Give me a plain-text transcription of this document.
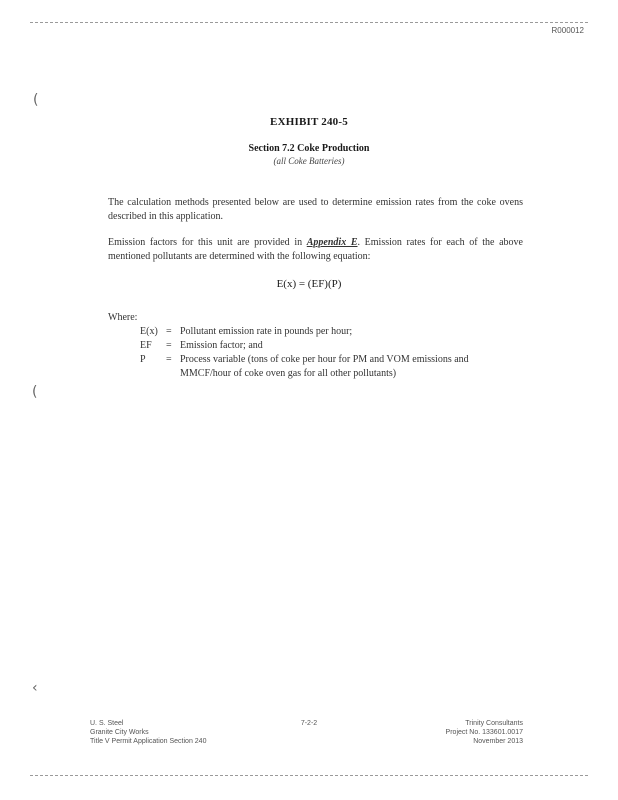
R000012
(
(
‹
EXHIBIT 240-5
Section 7.2 Coke Production
(all Coke Batteries)
The calculation methods presented below are used to determine emission rates from the coke ovens described in this application.
Emission factors for this unit are provided in Appendix E. Emission rates for each of the above mentioned pollutants are determined with the following equation:
E(x) = (EF)(P)
Where:
E(x) = Pollutant emission rate in pounds per hour;
EF	= Emission factor; and
P	= Process variable (tons of coke per hour for PM and VOM emissions and MMCF/hour of coke oven gas for all other pollutants)
U. S. Steel
Granite City Works
Title V Permit Application Section 240
7-2-2	Trinity Consultants
Project No. 133601.0017
November 2013
